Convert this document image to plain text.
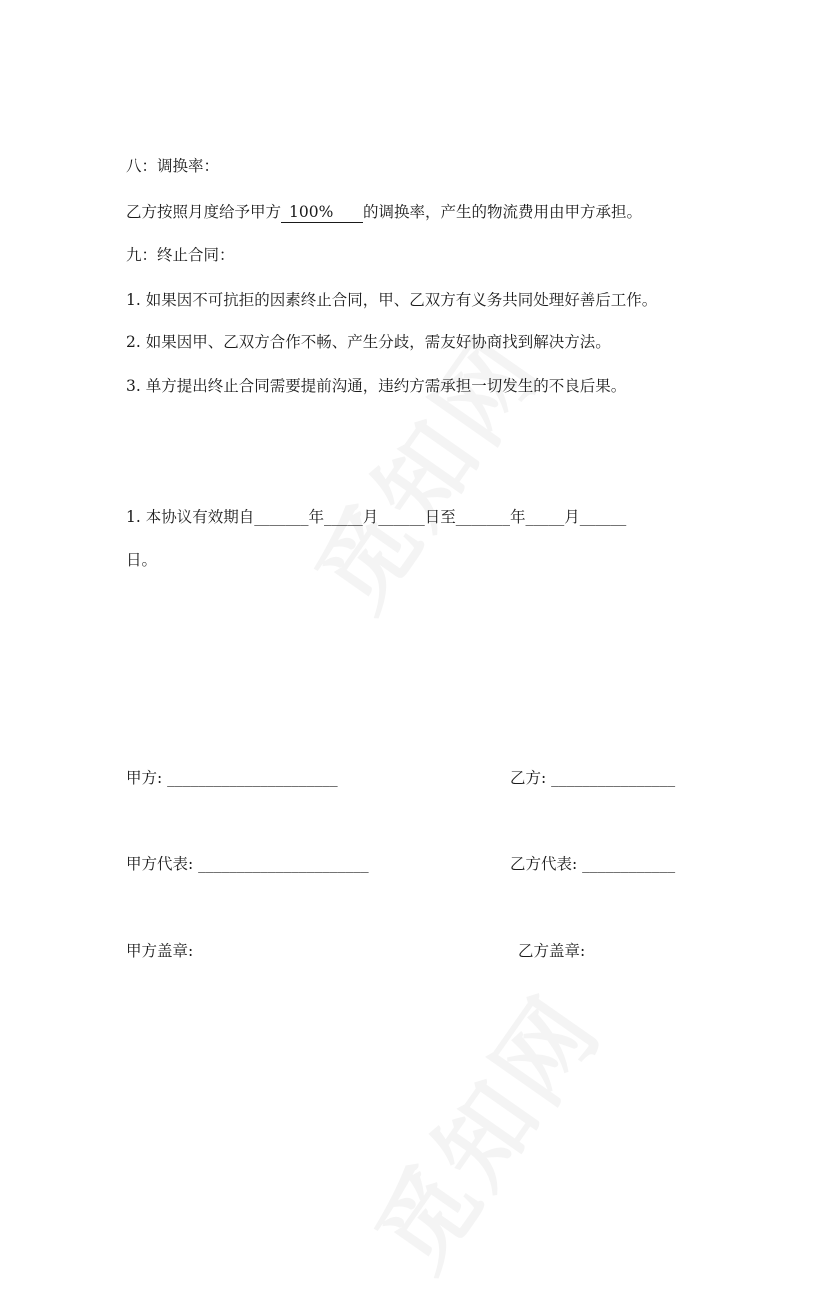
八：调换率：
乙方按照月度给予甲方 100% 的调换率，产生的物流费用由甲方承担。
九：终止合同：
1. 如果因不可抗拒的因素终止合同，甲、乙双方有义务共同处理好善后工作。
2. 如果因甲、乙双方合作不畅、产生分歧，需友好协商找到解决方法。
3. 单方提出终止合同需要提前沟通，违约方需承担一切发生的不良后果。
1. 本协议有效期自_______年_____月______日至_______年_____月______
日。
甲方: ______________________	乙方: ________________
甲方代表: ______________________	乙方代表: ____________
甲方盖章:	乙方盖章:
